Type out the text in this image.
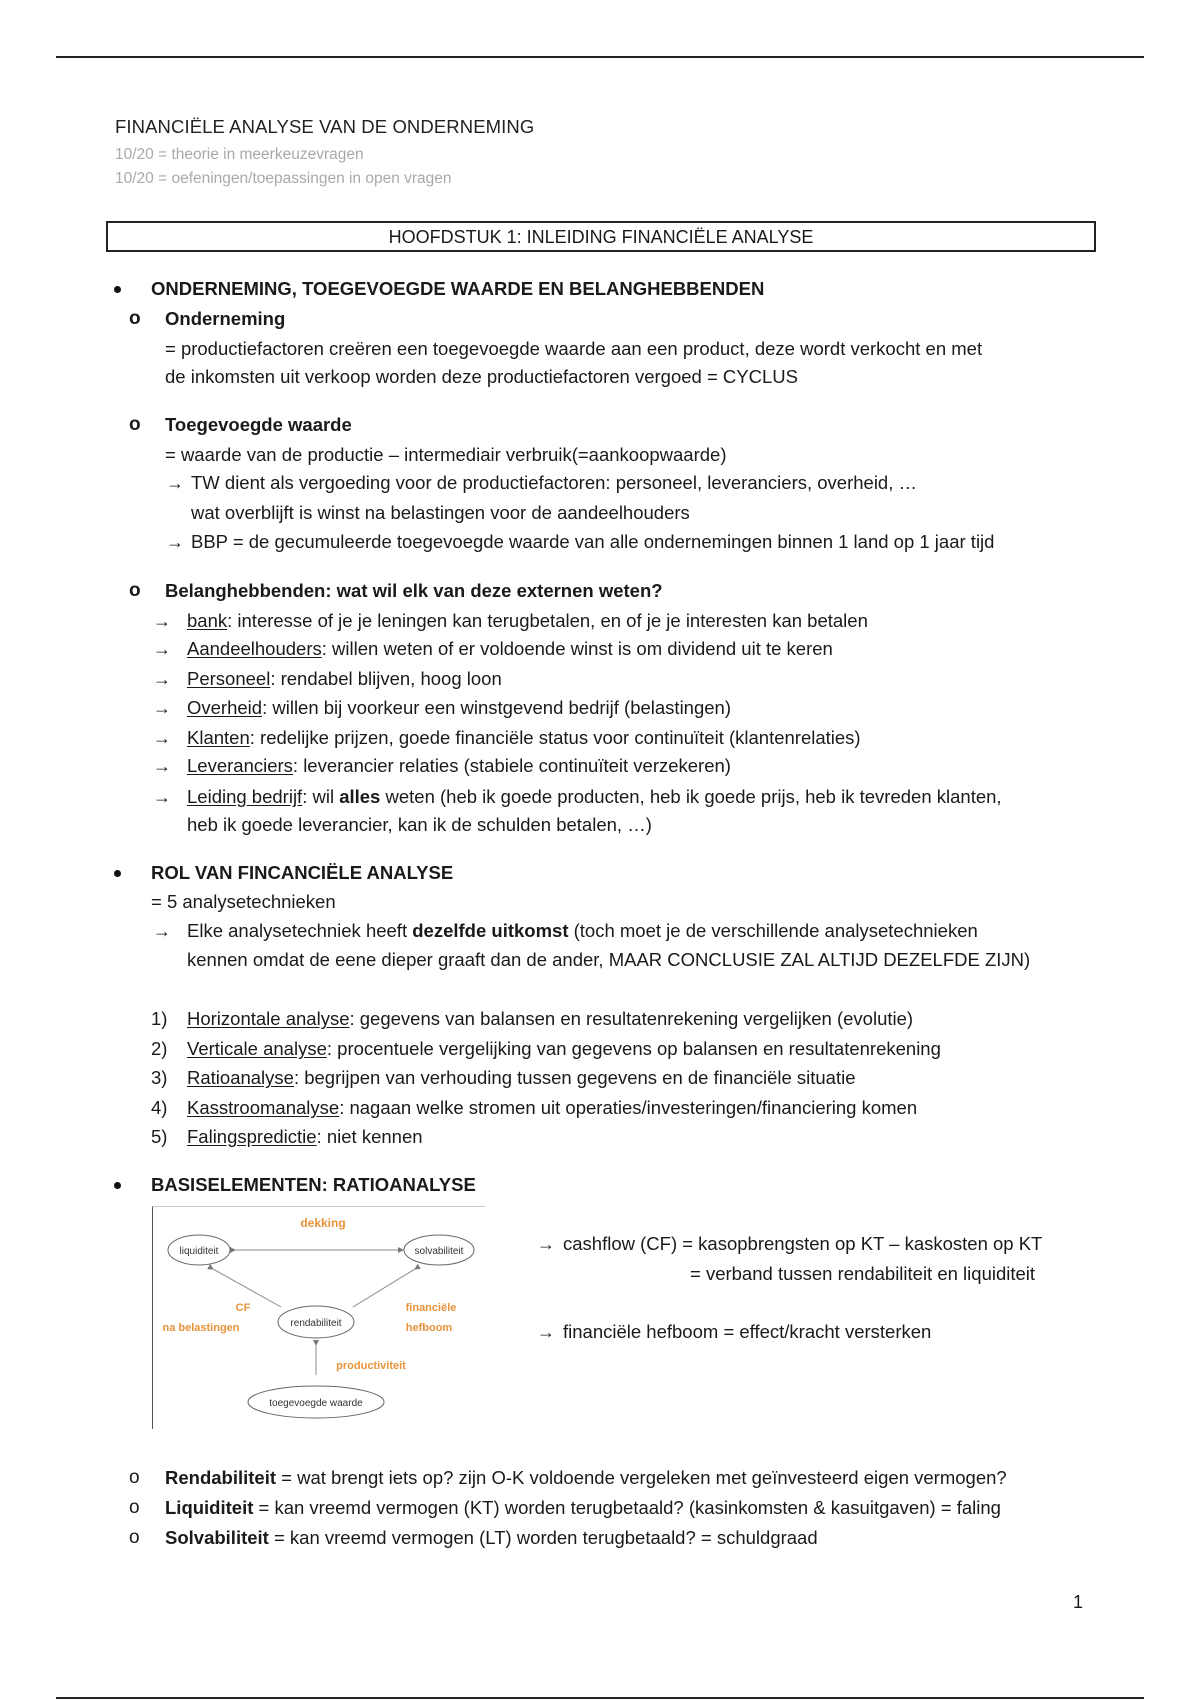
FINANCIËLE ANALYSE VAN DE ONDERNEMING
10/20 = theorie in meerkeuzevragen
10/20 = oefeningen/toepassingen in open vragen
HOOFDSTUK 1: INLEIDING FINANCIËLE ANALYSE
ONDERNEMING, TOEGEVOEGDE WAARDE EN BELANGHEBBENDEN
o Onderneming
= productiefactoren creëren een toegevoegde waarde aan een product, deze wordt verkocht en met
de inkomsten uit verkoop worden deze productiefactoren vergoed = CYCLUS
o Toegevoegde waarde
= waarde van de productie – intermediair verbruik(=aankoopwaarde)
→ TW dient als vergoeding voor de productiefactoren: personeel, leveranciers, overheid, …
wat overblijft is winst na belastingen voor de aandeelhouders
→ BBP = de gecumuleerde toegevoegde waarde van alle ondernemingen binnen 1 land op 1 jaar tijd
o Belanghebbenden: wat wil elk van deze externen weten?
→ bank: interesse of je je leningen kan terugbetalen, en of je je interesten kan betalen
→ Aandeelhouders: willen weten of er voldoende winst is om dividend uit te keren
→ Personeel: rendabel blijven, hoog loon
→ Overheid: willen bij voorkeur een winstgevend bedrijf (belastingen)
→ Klanten: redelijke prijzen, goede financiële status voor continuïteit (klantenrelaties)
→ Leveranciers: leverancier relaties (stabiele continuïteit verzekeren)
→ Leiding bedrijf: wil alles weten (heb ik goede producten, heb ik goede prijs, heb ik tevreden klanten,
heb ik goede leverancier, kan ik de schulden betalen, …)
ROL VAN FINCANCIËLE ANALYSE
= 5 analysetechnieken
→ Elke analysetechniek heeft dezelfde uitkomst (toch moet je de verschillende analysetechnieken
kennen omdat de eene dieper graaft dan de ander, MAAR CONCLUSIE ZAL ALTIJD DEZELFDE ZIJN)
1) Horizontale analyse: gegevens van balansen en resultatenrekening vergelijken (evolutie)
2) Verticale analyse: procentuele vergelijking van gegevens op balansen en resultatenrekening
3) Ratioanalyse: begrijpen van verhouding tussen gegevens en de financiële situatie
4) Kasstroomanalyse: nagaan welke stromen uit operaties/investeringen/financiering komen
5) Falingspredictie: niet kennen
BASISELEMENTEN: RATIOANALYSE
liquiditeit	solvabiliteit
rendabiliteit
toegevoegde waarde
dekking
CF
na belastingen
financiële
hefboom
productiviteit
→ cashflow (CF) = kasopbrengsten op KT – kaskosten op KT
= verband tussen rendabiliteit en liquiditeit
→ financiële hefboom = effect/kracht versterken
o Rendabiliteit = wat brengt iets op? zijn O-K voldoende vergeleken met geïnvesteerd eigen vermogen?
o Liquiditeit = kan vreemd vermogen (KT) worden terugbetaald? (kasinkomsten & kasuitgaven) = faling
o Solvabiliteit = kan vreemd vermogen (LT) worden terugbetaald? = schuldgraad
1
